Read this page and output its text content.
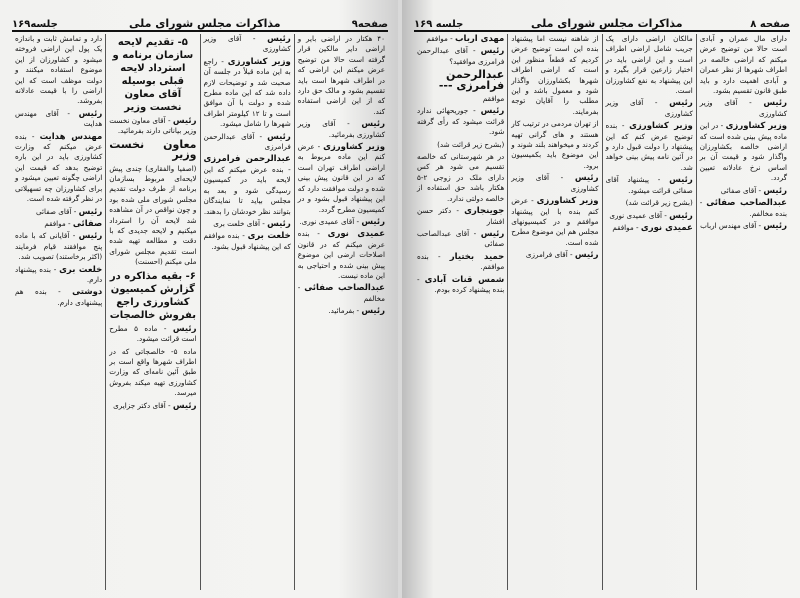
صفحه۹
مذاکرات مجلس شورای ملی
جلسه۱۶۹

۴۰ هکتار در اراضی بایر و اراضی دایر مالکین قرار گرفته است حالا من توضیح عرض میکنم این اراضی که در اطراف شهرها است باید تقسیم بشود و مالک حق دارد که از این اراضی استفاده کند.

رئیس - آقای وزیر کشاورزی بفرمائید.

وزیر کشاورزی - عرض کنم این ماده مربوط به اراضی اطراف تهران است که در این قانون پیش بینی شده و دولت موافقت دارد که این پیشنهاد قبول بشود و در کمیسیون مطرح گردد.

رئیس - آقای عمیدی نوری.

عمیدی نوری - بنده عرض میکنم که در قانون اصلاحات ارضی این موضوع پیش بینی شده و احتیاجی به این ماده نیست.

عبدالصاحب صفائی - مخالفم

رئیس - بفرمائید.

رئیس - آقای وزیر کشاورزی

وزیر کشاورزی - راجع به این ماده قبلاً در جلسه آن صحبت شد و توضیحات لازم داده شد که این ماده مطرح شده و دولت با آن موافق است و تا ۱۲ کیلومتر اطراف شهرها را شامل میشود.

رئیس - آقای عبدالرحمن فرامرزی

عبدالرحمن فرامرزی - بنده عرض میکنم که این لایحه باید در کمیسیون رسیدگی شود و بعد به مجلس بیاید تا نمایندگان بتوانند نظر خودشان را بدهند.

رئیس - آقای خلعت بری

خلعت بری - بنده موافقم که این پیشنهاد قبول بشود.

۵- تقدیم لایحه سازمان برنامه و استرداد لایحه قبلی بوسیله آقای معاون نخست وزیر

رئیس - آقای معاون نخست وزیر بیاناتی دارند بفرمائید.

معاون نخست وزیر

(اصفیا والفقاری) چندی پیش لایحه‌ای مربوط بسازمان برنامه از طرف دولت تقدیم مجلس شورای ملی شده بود و چون نواقص در آن مشاهده شد لایحه آن را استرداد میکنیم و لایحه جدیدی که با دقت و مطالعه تهیه شده است تقدیم مجلس شورای ملی میکنم (احسنت)

۶- بقیه مذاکره در گزارش کمیسیون کشاورزی راجع بفروش خالصجات

رئیس - ماده ۵ مطرح است قرائت میشود.

ماده ۵- خالصجاتی که در اطراف شهرها واقع است بر طبق آئین نامه‌ای که وزارت کشاورزی تهیه میکند بفروش میرسد.

رئیس - آقای دکتر جزایری

دارد و تمامش ثابت و باندازه یک پول این اراضی فروخته میشود و کشاورزان از این موضوع استفاده میکنند و دولت موظف است که این اراضی را با قیمت عادلانه بفروشد.

رئیس - آقای مهندس هدایت

مهندس هدایت - بنده عرض میکنم که وزارت کشاورزی باید در این باره توضیح بدهد که قیمت این اراضی چگونه تعیین میشود و برای کشاورزان چه تسهیلاتی در نظر گرفته شده است.

رئیس - آقای صفائی

صفائی - موافقم

رئیس - آقایانی که با ماده پنج موافقند قیام فرمایند (اکثر برخاستند) تصویب شد.

خلعت بری - بنده پیشنهاد دارم.

دوشتی - بنده هم پیشنهادی دارم.

صفحه ۸
مذاکرات مجلس شورای ملی
جلسه ۱۶۹

دارای مال عمران و آبادی است حالا من توضیح عرض میکنم که اراضی خالصه در اطراف شهرها از نظر عمران و آبادی اهمیت دارد و باید طبق قانون تقسیم بشود.

رئیس - آقای وزیر کشاورزی

وزیر کشاورزی - در این ماده پیش بینی شده است که اراضی خالصه بکشاورزان واگذار شود و قیمت آن بر اساس نرخ عادلانه تعیین گردد.

رئیس - آقای صفائی

عبدالصاحب صفائی - بنده مخالفم.

رئیس - آقای مهندس ارباب

مالکان اراضی دارای یک جریب شامل اراضی اطراف است و این اراضی باید در اختیار زارعین قرار بگیرد و این پیشنهاد به نفع کشاورزان است.

رئیس - آقای وزیر کشاورزی

وزیر کشاورزی - بنده توضیح عرض کنم که این پیشنهاد را دولت قبول دارد و در آئین نامه پیش بینی خواهد شد.

رئیس - پیشنهاد آقای صفائی قرائت میشود.

(بشرح زیر قرائت شد)

رئیس - آقای عمیدی نوری

عمیدی نوری - موافقم

از شاهنه نیست اما پیشنهاد بنده این است توضیح عرض کردیم که قطعاً منظور این است که اراضی اطراف شهرها بکشاورزان واگذار شود و معمول باشد و این مطلب را آقایان توجه بفرمایند.

از تهران مردمی در ترتیب کار هستند و های گرانی تهیه کردند و میخواهند بلند شوند و این موضوع باید بکمیسیون برود.

رئیس - آقای وزیر کشاورزی

وزیر کشاورزی - عرض کنم بنده با این پیشنهاد موافقم و در کمیسیونهای مجلس هم این موضوع مطرح شده است.

رئیس - آقای فرامرزی

مهدی ارباب - موافقم

رئیس - آقای عبدالرحمن فرامرزی موافقید؟

عبدالرحمن فرامرزی ---

موافقم

رئیس - جوریحهائی ندارد قرائت میشود که رأی گرفته شود.

(بشرح زیر قرائت شد)

در هر شهرستانی که خالصه تقسیم می شود هر کس دارای ملک در زوجی ۲-۵ هکتار باشد حق استفاده از خالصه دولتی ندارد.

جوینجاری - دکتر حسن افشار

رئیس - آقای عبدالصاحب صفائی

حمید بختیار - بنده موافقم.

شمس قنات آبادی - بنده پیشنهاد کرده بودم.
